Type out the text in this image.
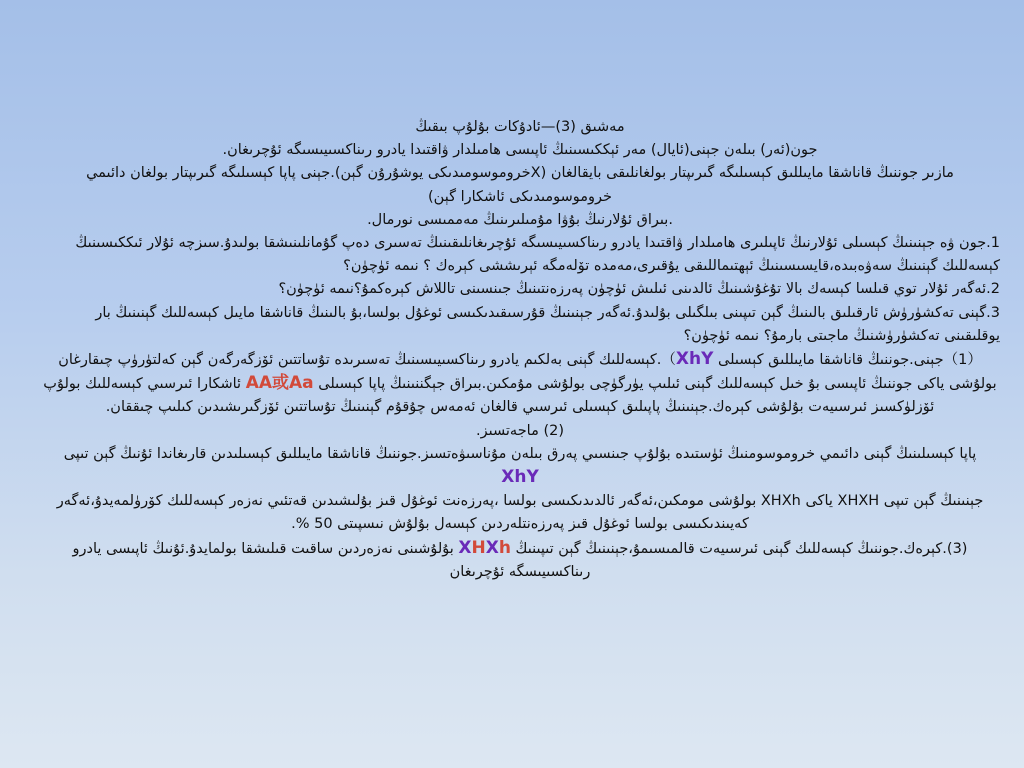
مەشىق (3)—ئادۇكات بۇلۇپ بىقىڭ

جون(ئەر) بىلەن جېنى(ئايال) مەر ئېككىسىنىڭ ئاپىسى هامىلدار ۋاقتىدا يادرو رىناكسىيىسىگە ئۇچرىغان.

مازىر جوننىڭ قاناشقا مايىللىق كېسىلىگە گىرىپتار بولغانلىقى بايقالغان (Xخروموسومىدىكى يوشۇرۇن گېن).جېنى پاپا كېسىلىگە گىرىپتار بولغان دائىمي خروموسومىدىكى ئاشكارا گېن)

.بىراق ئۇلارنىڭ بۇۋا مۇمىلىرىنىڭ مەممىسى نورمال.

1.جون ۋە جېنىنىڭ كېسىلى ئۇلارنىڭ ئاپىلىرى هامىلدار ۋاقتىدا يادرو رىناكسىيىسىگە ئۇچرىغانلىقىنىڭ تەسىرى دەپ گۇمانلىنىشقا بولىدۇ.سىزچە ئۇلار ئىككىسىنىڭ كېسەللىك گېنىنىڭ سەۋەبىدە،قايسىسىنىڭ ئېھتىماللىقى يۇقىرى،مەمدە تۆلەمگە ئېرىششى كېرەك ؟ نىمە ئۈچۈن؟

2.ئەگەر ئۇلار توي قىلسا كېسەك بالا تۇغۇشىنىڭ ئالدىنى ئىلىش ئۈچۈن پەرزەنتىنىڭ جىنسىنى تاللاش كېرەكمۇ؟نىمە ئۈچۈن؟

3.گېنى تەكشۈرۈش ئارقىلىق بالىنىڭ گېن تىپىنى بىلگىلى بۇلىدۇ.ئەگەر جېنىنىڭ قۇرسىقىدىكىسى ئوغۇل بولسا،بۇ بالىنىڭ قاناشقا مايىل كېسەللىك گېنىنىڭ بار يوقلىقىنى تەكشۈرۈشنىڭ ماجىتى بارمۇ؟ نىمە ئۈچۈن؟

（1）جېنى.جوننىڭ قاناشقا مايىللىق كېسىلى XhY）.كېسەللىك گېنى بەلكىم يادرو رىناكسىيىسىنىڭ تەسىرىدە تۇساتتىن ئۆزگەرگەن گېن كەلتۈرۈپ چىقارغان بولۇشى ياكى جوننىڭ ئاپىسى بۇ خىل كېسەللىك گېنى ئىلىپ يۈرگۈچى بولۇشى مۇمكىن.بىراق جېگننىنىڭ پاپا كېسىلى AA或Aa ئاشكارا ئىرسىي كېسەللىك بولۇپ ئۆزلۈكسىز ئىرسىيەت بۇلۇشى كېرەك.جېنىنىڭ پاپىلىق كېسىلى ئىرسىي قالغان ئەمەس چۇقۇم گېنىنىڭ تۇساتتىن ئۆزگىرىشىدىن كىلىپ چىققان.

(2) ماجەتسىز.

پاپا كېسىلىنىڭ گېنى دائىمي خروموسومنىڭ ئۈستىدە بۇلۇپ جىنسىي پەرق بىلەن مۇناسىۋەتسىز.جوننىڭ قاناشقا مايىللىق كېسىلىدىن قارىغاندا ئۇنىڭ گېن تىپى
XhY

جېنىنىڭ گېن تىپى XHXH ياكى XHXh بولۇشى مومكىن،ئەگەر ئالدىدىكىسى بولسا ،پەرزەنت ئوغۇل قىز بۇلىشىدىن قەتئىي نەزەر كېسەللىك كۆرۈلمەيدۇ،ئەگەر كەيىندىكىسى بولسا ئوغۇل قىز پەرزەنتلەردىن كېسەل بۇلۇش نىسپىتى 50 %.

(3).كېرەك.جوننىڭ كېسەللىك گېنى ئىرسىيەت قالمىسىمۇ،جېنىنىڭ گېن تىپىنىڭ XHXh بۇلۇشىنى نەزەردىن ساقىت قىلىشقا بولمايدۇ.ئۇنىڭ ئاپىسى يادرو رىناكسىيىسگە ئۇچرىغان
